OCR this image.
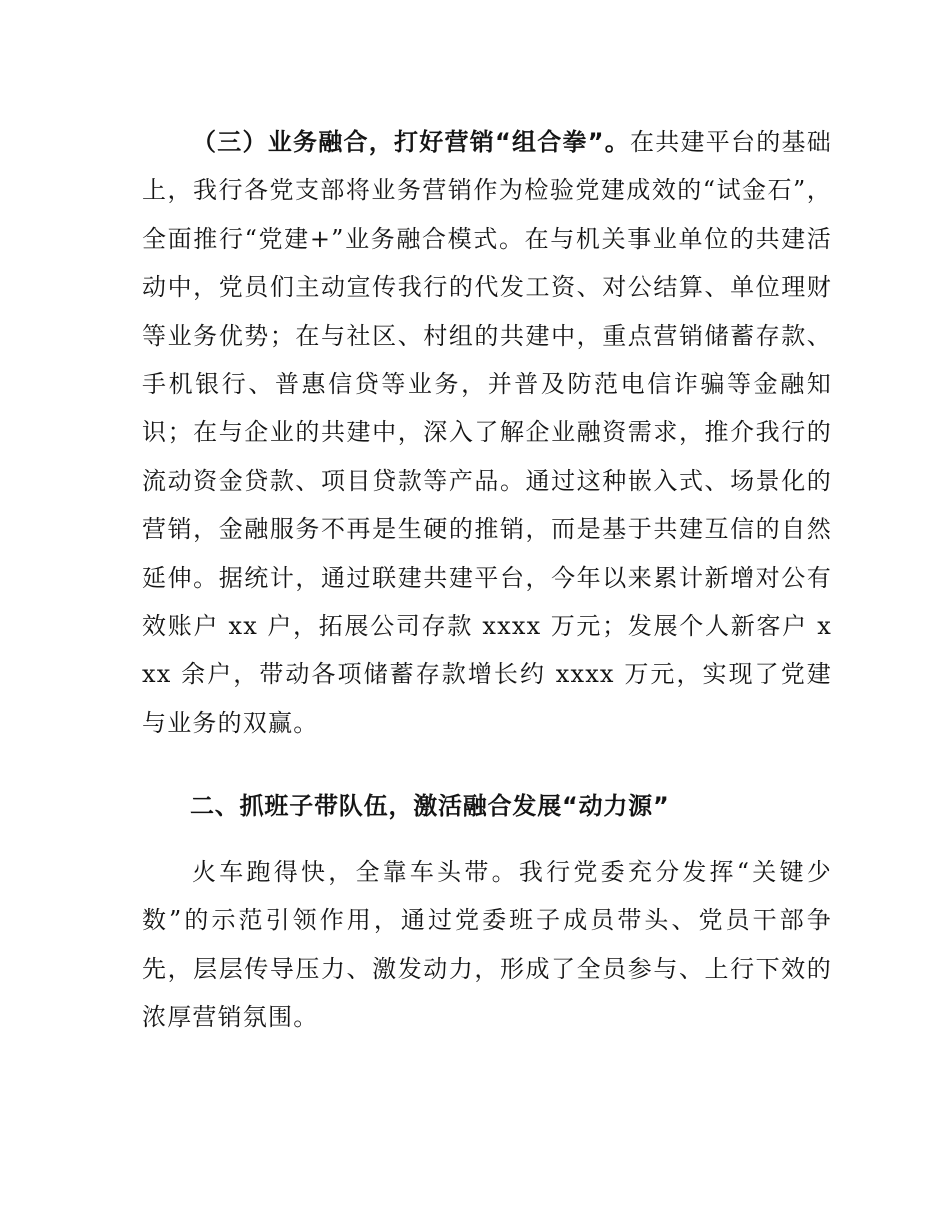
（三）业务融合，打好营销“组合拳”。在共建平台的基础上，我行各党支部将业务营销作为检验党建成效的“试金石”，全面推行“党建+”业务融合模式。在与机关事业单位的共建活动中，党员们主动宣传我行的代发工资、对公结算、单位理财等业务优势；在与社区、村组的共建中，重点营销储蓄存款、手机银行、普惠信贷等业务，并普及防范电信诈骗等金融知识；在与企业的共建中，深入了解企业融资需求，推介我行的流动资金贷款、项目贷款等产品。通过这种嵌入式、场景化的营销，金融服务不再是生硬的推销，而是基于共建互信的自然延伸。据统计，通过联建共建平台，今年以来累计新增对公有效账户 xx 户，拓展公司存款 xxxx 万元；发展个人新客户 xxx 余户，带动各项储蓄存款增长约 xxxx 万元，实现了党建与业务的双赢。

二、抓班子带队伍，激活融合发展“动力源”

火车跑得快，全靠车头带。我行党委充分发挥“关键少数”的示范引领作用，通过党委班子成员带头、党员干部争先，层层传导压力、激发动力，形成了全员参与、上行下效的浓厚营销氛围。
